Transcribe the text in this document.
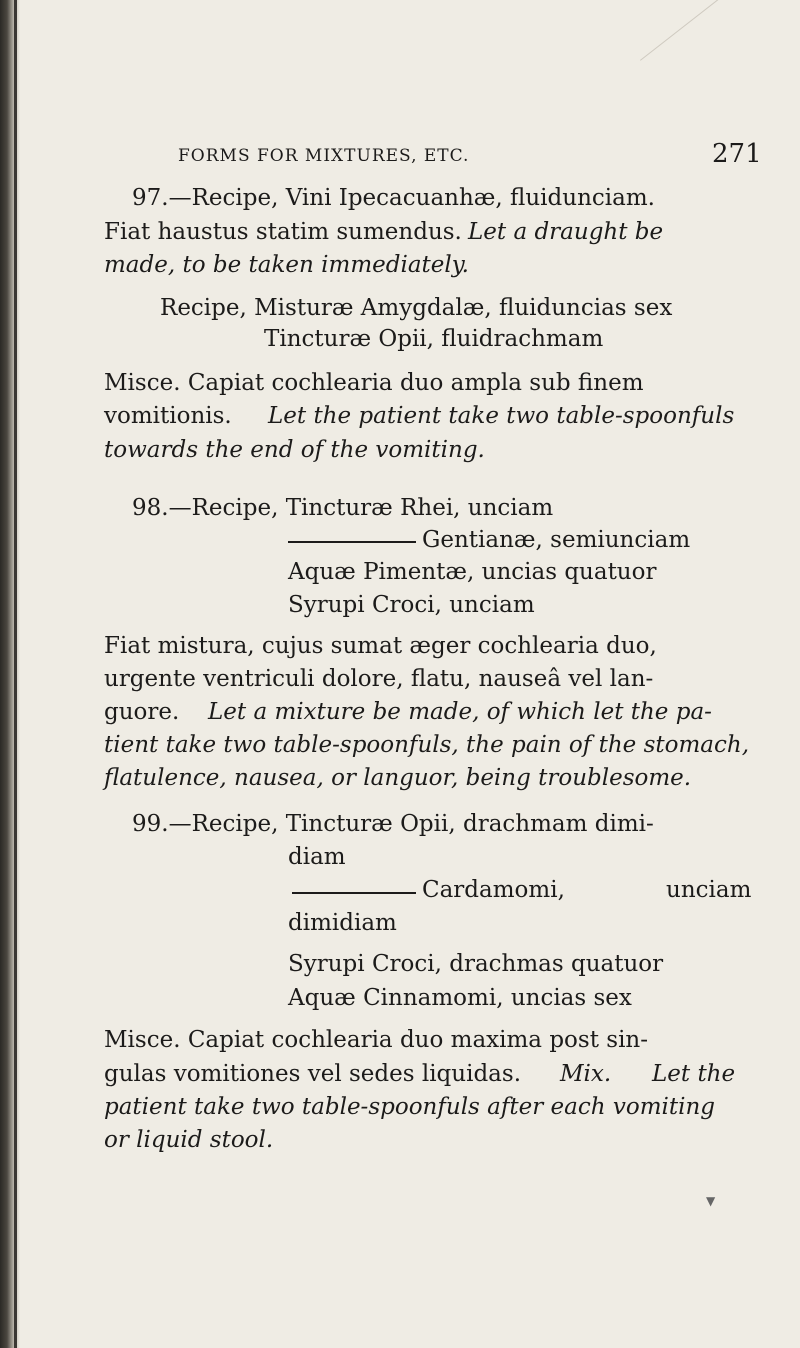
FORMS FOR MIXTURES, ETC.	271
97.—Recipe, Vini Ipecacuanhæ, fluidunciam.
Fiat haustus statim sumendus. Let a draught be
made, to be taken immediately.
Recipe, Misturæ Amygdalæ, fluiduncias sex
Tincturæ Opii, fluidrachmam
Misce. Capiat cochlearia duo ampla sub finem
vomitionis. Let the patient take two table-spoonfuls
towards the end of the vomiting.
98.—Recipe, Tincturæ Rhei, unciam
Gentianæ, semiunciam
Aquæ Pimentæ, uncias quatuor
Syrupi Croci, unciam
Fiat mistura, cujus sumat æger cochlearia duo,
urgente ventriculi dolore, flatu, nauseâ vel lan-
guore. Let a mixture be made, of which let the pa-
tient take two table-spoonfuls, the pain of the stomach,
flatulence, nausea, or languor, being troublesome.
99.—Recipe, Tincturæ Opii, drachmam dimi-
diam
Cardamomi,	unciam
dimidiam
Syrupi Croci, drachmas quatuor
Aquæ Cinnamomi, uncias sex
Misce. Capiat cochlearia duo maxima post sin-
gulas vomitiones vel sedes liquidas. Mix. Let the
patient take two table-spoonfuls after each vomiting
or liquid stool.
▼
